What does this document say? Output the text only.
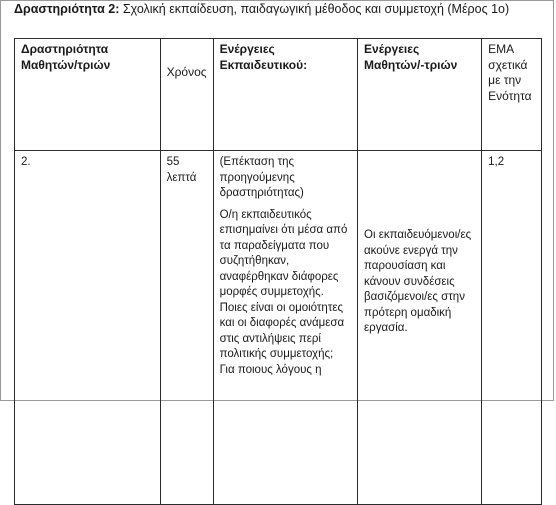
Δραστηριότητα 2: Σχολική εκπαίδευση, παιδαγωγική μέθοδος και συμμετοχή (Μέρος 1ο)
Δραστηριότητα Μαθητών/τριών	Χρόνος	Ενέργειες Εκπαιδευτικού:	Ενέργειες Μαθητών/-τριών	ΕΜΑ σχετικά με την Ενότητα
2.	55 λεπτά	(Επέκταση της προηγούμενης δραστηριότητας)

Ο/η εκπαιδευτικός επισημαίνει ότι μέσα από τα παραδείγματα που συζητήθηκαν, αναφέρθηκαν διάφορες μορφές συμμετοχής. Ποιες είναι οι ομοιότητες και οι διαφορές ανάμεσα στις αντιλήψεις περί πολιτικής συμμετοχής; Για ποιους λόγους η	Οι εκπαιδευόμενοι/ες ακούνε ενεργά την παρουσίαση και κάνουν συνδέσεις βασιζόμενοι/ες στην πρότερη ομαδική εργασία.	1,2
